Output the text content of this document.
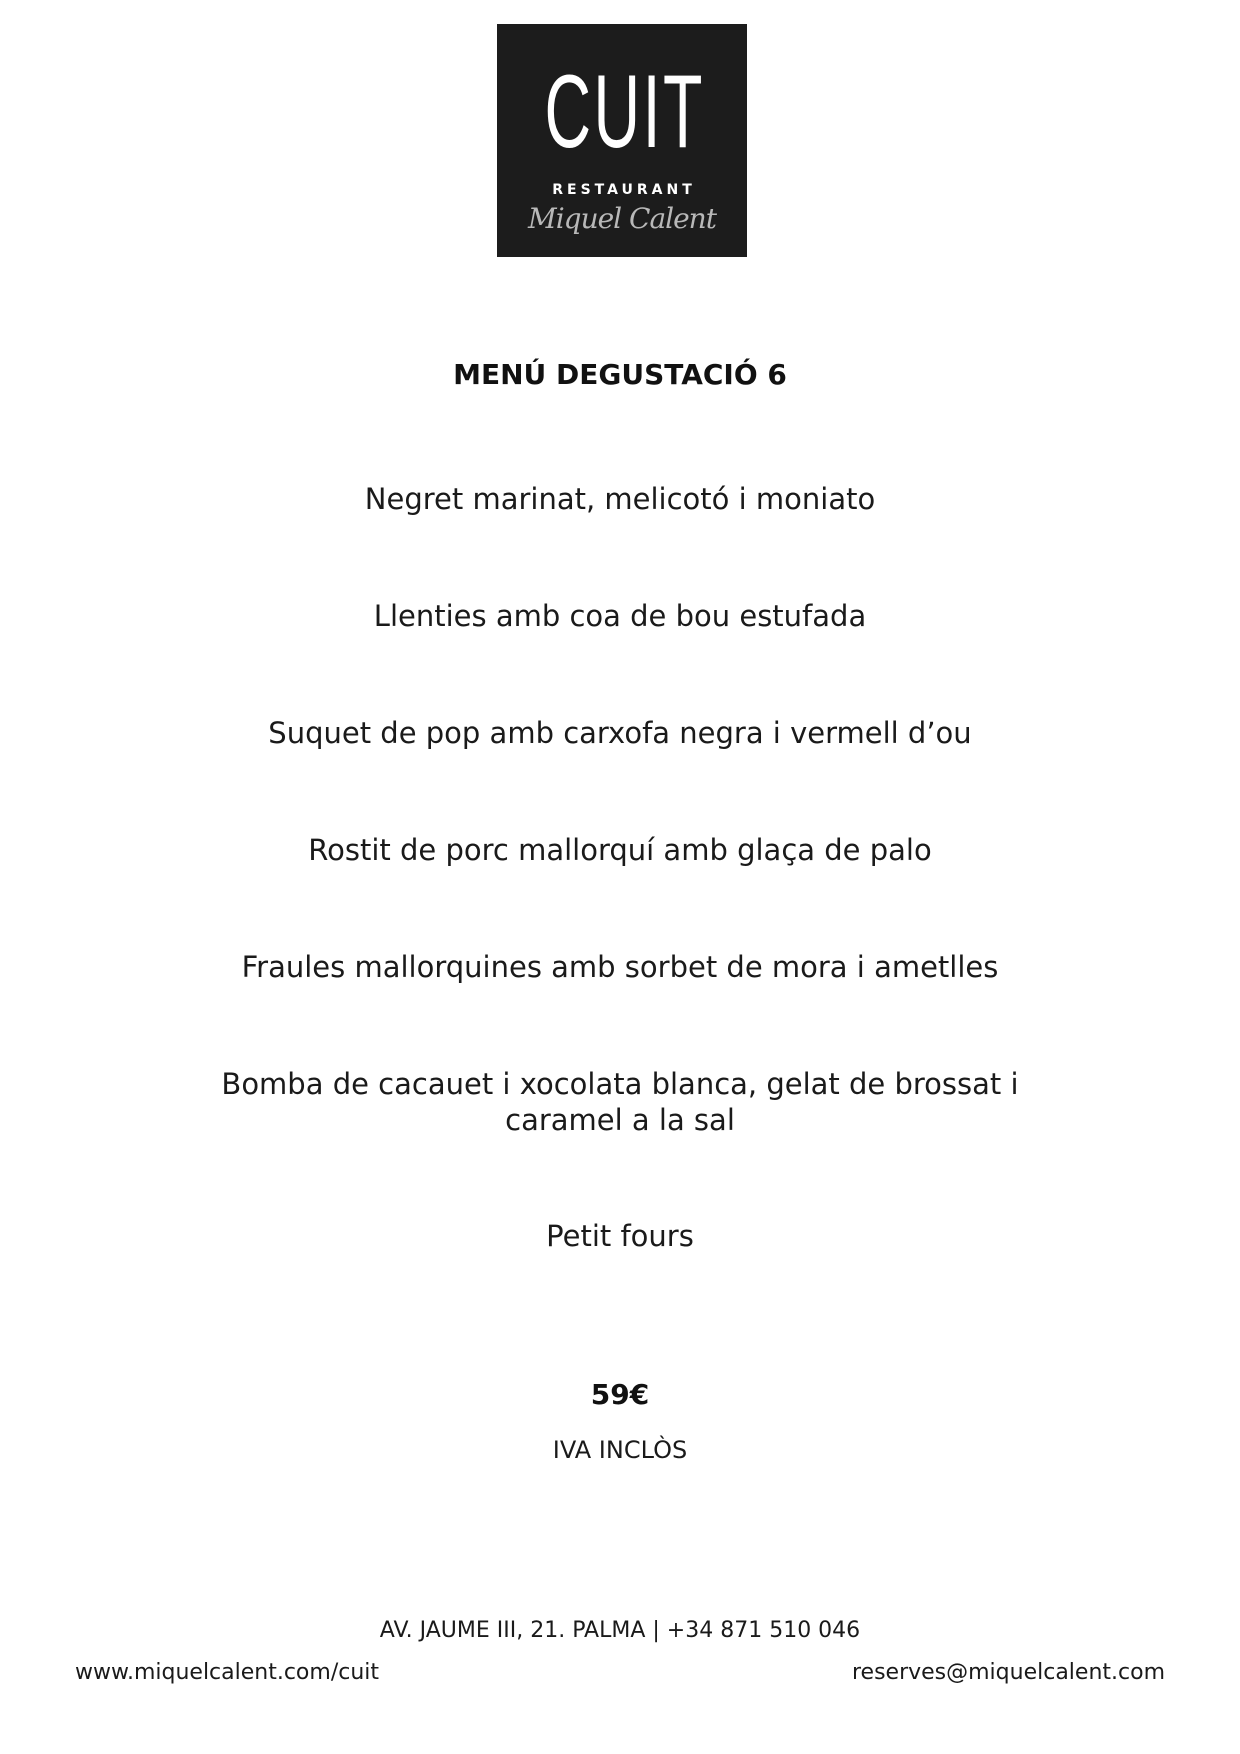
CUIT
RESTAURANT
Miquel Calent
MENÚ DEGUSTACIÓ 6
Negret marinat, melicotó i moniato
Llenties amb coa de bou estufada
Suquet de pop amb carxofa negra i vermell d’ou
Rostit de porc mallorquí amb glaça de palo
Fraules mallorquines amb sorbet de mora i ametlles
Bomba de cacauet i xocolata blanca, gelat de brossat i caramel a la sal
Petit fours
59€
IVA INCLÒS
AV. JAUME III, 21. PALMA | +34 871 510 046
www.miquelcalent.com/cuit	reserves@miquelcalent.com
